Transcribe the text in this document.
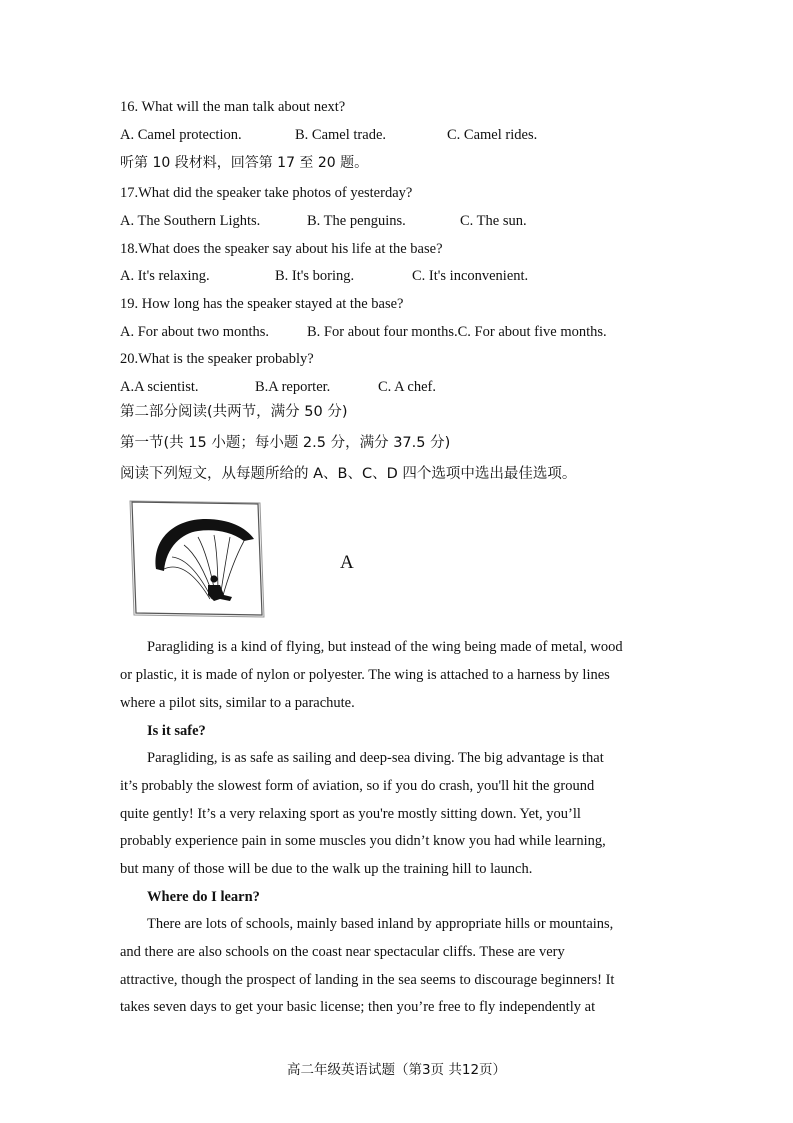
16. What will the man talk about next?
A. Camel protection.	B. Camel trade.	C. Camel rides.
听第 10 段材料，回答第 17 至 20 题。
17.What did the speaker take photos of yesterday?
A. The Southern Lights.	B. The penguins.	C. The sun.
18.What does the speaker say about his life at the base?
A. It's relaxing.	B. It's boring.	C. It's inconvenient.
19. How long has the speaker stayed at the base?
A. For about two months.	B. For about four months.C. For about five months.
20.What is the speaker probably?
A.A scientist.	B.A reporter.	C. A chef.
第二部分阅读(共两节，满分 50 分)
第一节(共 15 小题；每小题 2.5 分，满分 37.5 分)
阅读下列短文，从每题所给的 A、B、C、D 四个选项中选出最佳选项。
A
Paragliding is a kind of flying, but instead of the wing being made of metal, wood
or plastic, it is made of nylon or polyester. The wing is attached to a harness by lines
where a pilot sits, similar to a parachute.
Is it safe?
Paragliding, is as safe as sailing and deep-sea diving. The big advantage is that
it’s probably the slowest form of aviation, so if you do crash, you'll hit the ground
quite gently! It’s a very relaxing sport as you're mostly sitting down. Yet, you’ll
probably experience pain in some muscles you didn’t know you had while learning,
but many of those will be due to the walk up the training hill to launch.
Where do I learn?
There are lots of schools, mainly based inland by appropriate hills or mountains,
and there are also schools on the coast near spectacular cliffs. These are very
attractive, though the prospect of landing in the sea seems to discourage beginners! It
takes seven days to get your basic license; then you’re free to fly independently at
高二年级英语试题（第3页 共12页）
